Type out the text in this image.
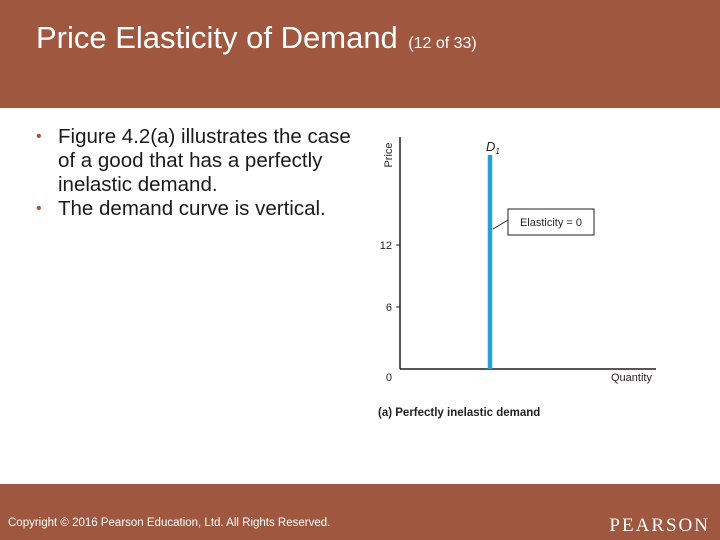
Price Elasticity of Demand (12 of 33)
• Figure 4.2(a) illustrates the case of a good that has a perfectly inelastic demand.
• The demand curve is vertical.
Price
12
6
0	Quantity
$D_1$
Elasticity = 0
(a) Perfectly inelastic demand
Copyright © 2016 Pearson Education, Ltd. All Rights Reserved.	PEARSON
